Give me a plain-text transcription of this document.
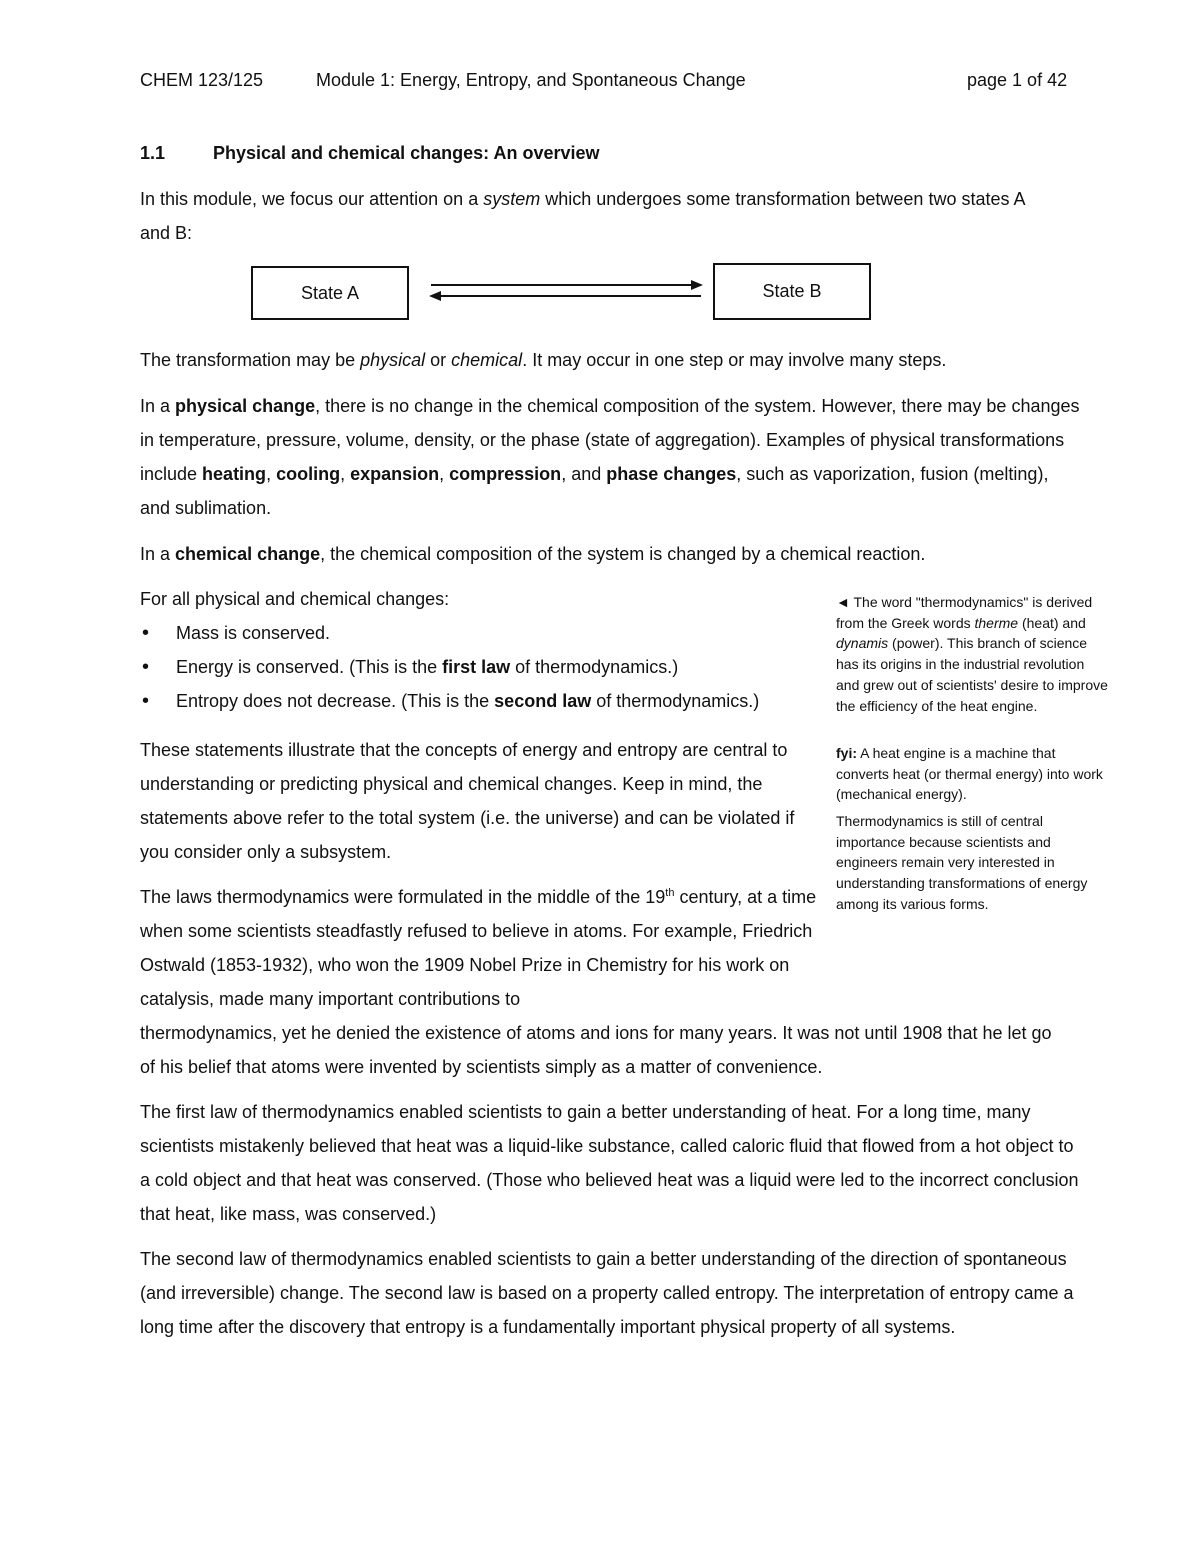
CHEM 123/125	Module 1: Energy, Entropy, and Spontaneous Change	page 1 of 42
1.1	Physical and chemical changes: An overview

In this module, we focus our attention on a system which undergoes some transformation between two states A and B:

State A	State B

The transformation may be physical or chemical. It may occur in one step or may involve many steps.

In a physical change, there is no change in the chemical composition of the system. However, there may be changes in temperature, pressure, volume, density, or the phase (state of aggregation). Examples of physical transformations include heating, cooling, expansion, compression, and phase changes, such as vaporization, fusion (melting), and sublimation.

In a chemical change, the chemical composition of the system is changed by a chemical reaction.

For all physical and chemical changes:
• Mass is conserved.
• Energy is conserved. (This is the first law of thermodynamics.)
• Entropy does not decrease. (This is the second law of thermodynamics.)

These statements illustrate that the concepts of energy and entropy are central to understanding or predicting physical and chemical changes. Keep in mind, the statements above refer to the total system (i.e. the universe) and can be violated if you consider only a subsystem.

The laws thermodynamics were formulated in the middle of the 19th century, at a time when some scientists steadfastly refused to believe in atoms. For example, Friedrich Ostwald (1853-1932), who won the 1909 Nobel Prize in Chemistry for his work on catalysis, made many important contributions to

thermodynamics, yet he denied the existence of atoms and ions for many years. It was not until 1908 that he let go of his belief that atoms were invented by scientists simply as a matter of convenience.

The first law of thermodynamics enabled scientists to gain a better understanding of heat. For a long time, many scientists mistakenly believed that heat was a liquid-like substance, called caloric fluid that flowed from a hot object to a cold object and that heat was conserved. (Those who believed heat was a liquid were led to the incorrect conclusion that heat, like mass, was conserved.)

The second law of thermodynamics enabled scientists to gain a better understanding of the direction of spontaneous (and irreversible) change. The second law is based on a property called entropy. The interpretation of entropy came a long time after the discovery that entropy is a fundamentally important physical property of all systems.

◄ The word "thermodynamics" is derived from the Greek words therme (heat) and dynamis (power). This branch of science has its origins in the industrial revolution and grew out of scientists' desire to improve the efficiency of the heat engine.

fyi: A heat engine is a machine that converts heat (or thermal energy) into work (mechanical energy).

Thermodynamics is still of central importance because scientists and engineers remain very interested in understanding transformations of energy among its various forms.
